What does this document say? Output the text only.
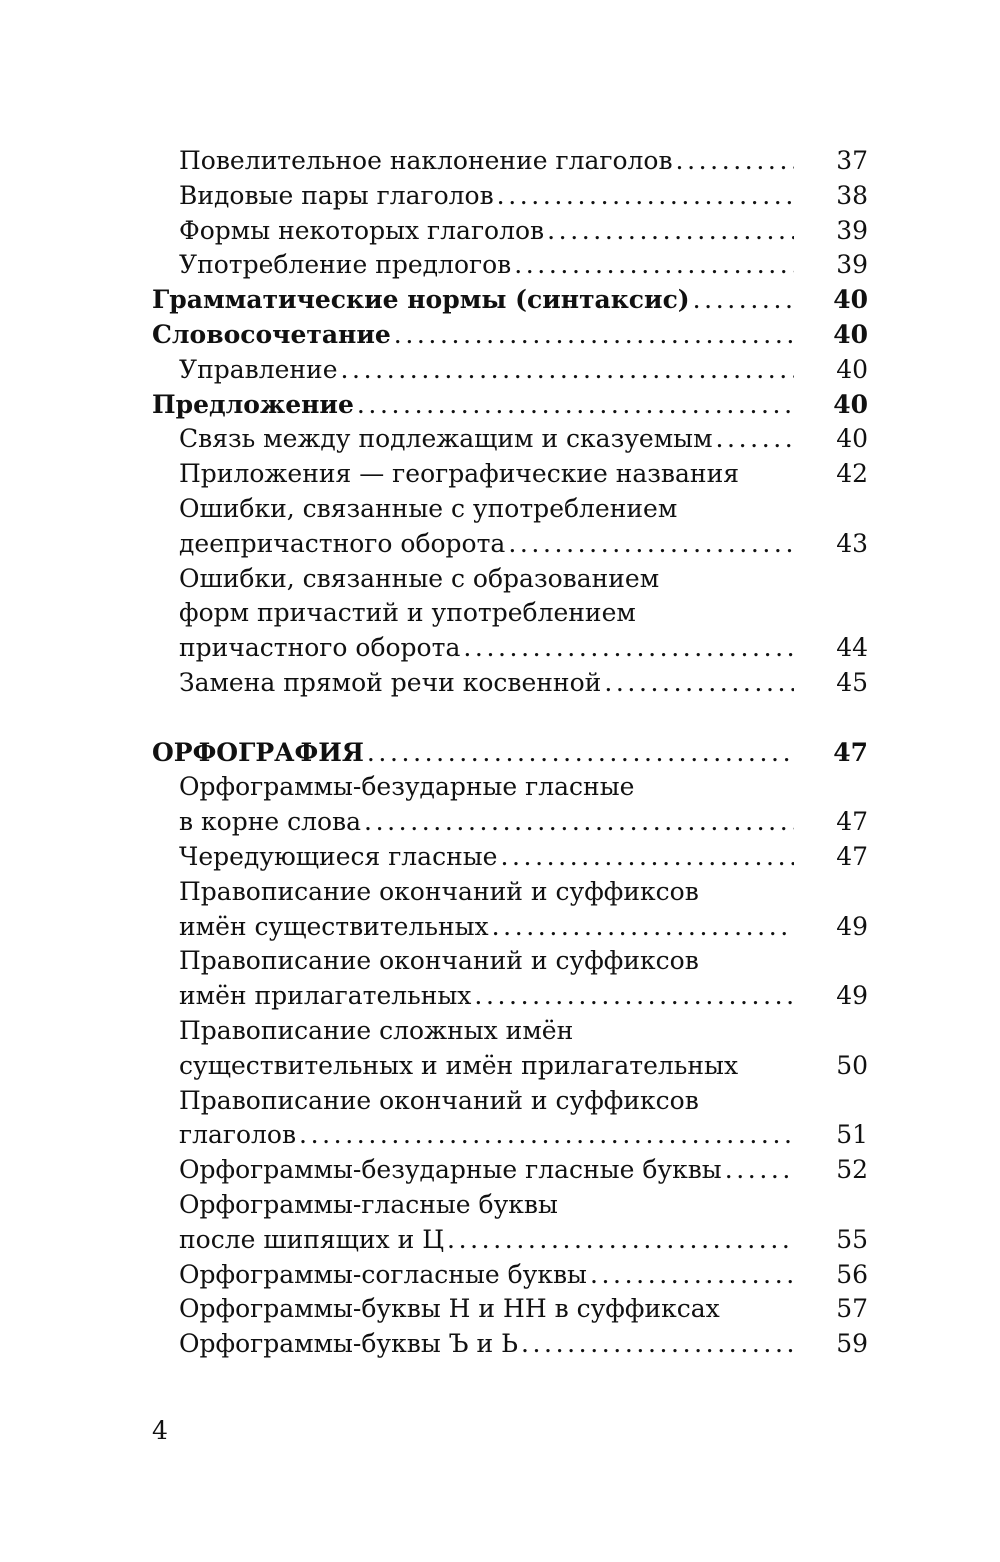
Повелительное наклонение глаголов .....	37
Видовые пары глаголов .....	38
Формы некоторых глаголов .....	39
Употребление предлогов .....	39
Грамматические нормы (синтаксис) .....	40
Словосочетание .....	40
Управление .....	40
Предложение .....	40
Связь между подлежащим и сказуемым .....	40
Приложения — географические названия	42
Ошибки, связанные с употреблением
деепричастного оборота .....	43
Ошибки, связанные с образованием
форм причастий и употреблением
причастного оборота .....	44
Замена прямой речи косвенной .....	45
ОРФОГРАФИЯ .....	47
Орфограммы-безударные гласные
в корне слова .....	47
Чередующиеся гласные .....	47
Правописание окончаний и суффиксов
имён существительных .....	49
Правописание окончаний и суффиксов
имён прилагательных .....	49
Правописание сложных имён
существительных и имён прилагательных	50
Правописание окончаний и суффиксов
глаголов .....	51
Орфограммы-безударные гласные буквы .....	52
Орфограммы-гласные буквы
после шипящих и Ц .....	55
Орфограммы-согласные буквы .....	56
Орфограммы-буквы Н и НН в суффиксах	57
Орфограммы-буквы Ъ и Ь .....	59
4
